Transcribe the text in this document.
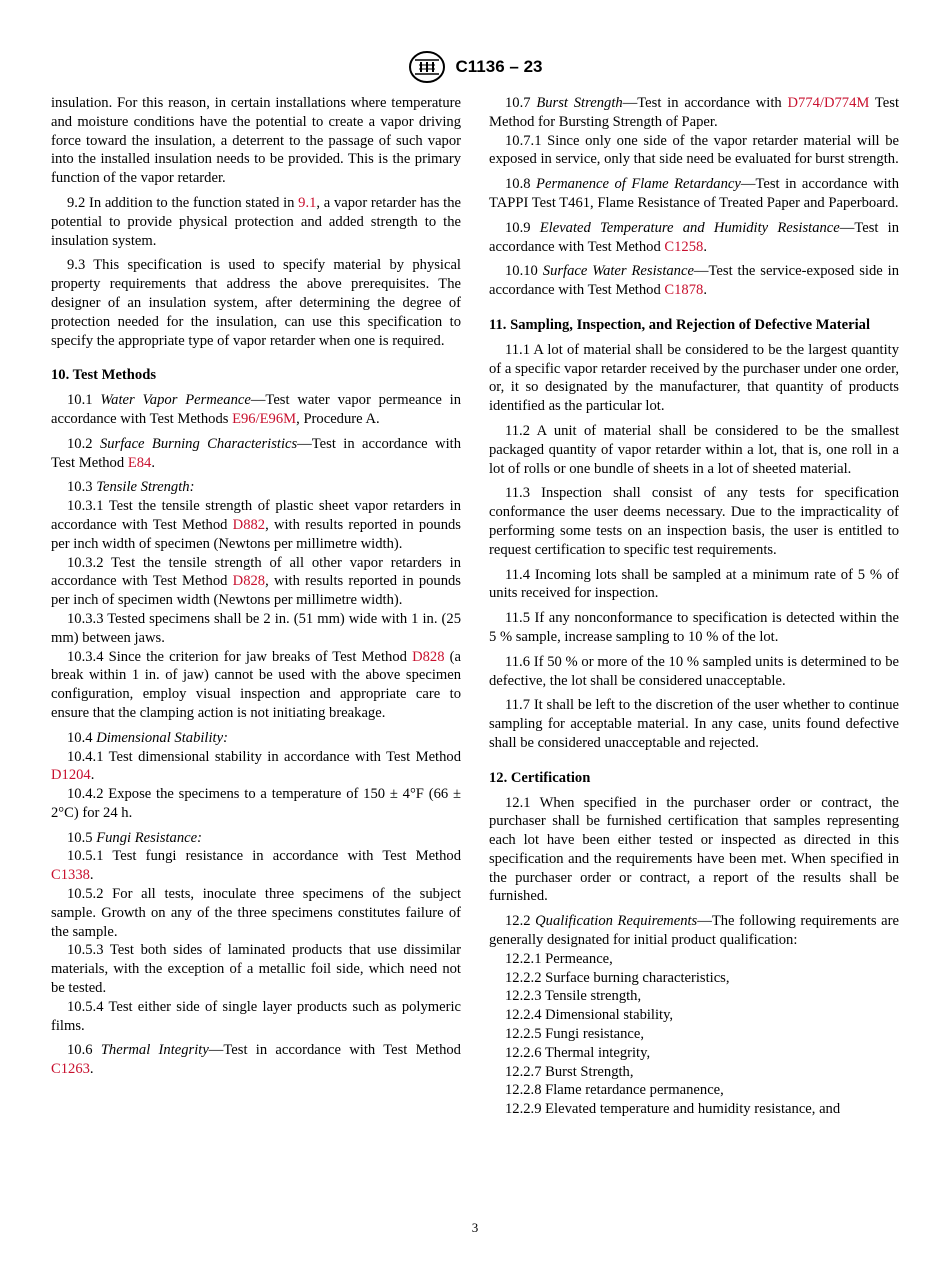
C1136 – 23

insulation. For this reason, in certain installations where temperature and moisture conditions have the potential to create a vapor driving force toward the insulation, a deterrent to the passage of such vapor into the installed insulation needs to be provided. This is the primary function of the vapor retarder.

9.2 In addition to the function stated in 9.1, a vapor retarder has the potential to provide physical protection and added strength to the insulation system.

9.3 This specification is used to specify material by physical property requirements that address the above prerequisites. The designer of an insulation system, after determining the degree of protection needed for the insulation, can use this specification to specify the appropriate type of vapor retarder when one is required.

10. Test Methods

10.1 Water Vapor Permeance—Test water vapor permeance in accordance with Test Methods E96/E96M, Procedure A.

10.2 Surface Burning Characteristics—Test in accordance with Test Method E84.

10.3 Tensile Strength:

10.3.1 Test the tensile strength of plastic sheet vapor retarders in accordance with Test Method D882, with results reported in pounds per inch width of specimen (Newtons per millimetre width).

10.3.2 Test the tensile strength of all other vapor retarders in accordance with Test Method D828, with results reported in pounds per inch of specimen width (Newtons per millimetre width).

10.3.3 Tested specimens shall be 2 in. (51 mm) wide with 1 in. (25 mm) between jaws.

10.3.4 Since the criterion for jaw breaks of Test Method D828 (a break within 1 in. of jaw) cannot be used with the above specimen configuration, employ visual inspection and appropriate care to ensure that the clamping action is not initiating breakage.

10.4 Dimensional Stability:

10.4.1 Test dimensional stability in accordance with Test Method D1204.

10.4.2 Expose the specimens to a temperature of 150 ± 4°F (66 ± 2°C) for 24 h.

10.5 Fungi Resistance:

10.5.1 Test fungi resistance in accordance with Test Method C1338.

10.5.2 For all tests, inoculate three specimens of the subject sample. Growth on any of the three specimens constitutes failure of the sample.

10.5.3 Test both sides of laminated products that use dissimilar materials, with the exception of a metallic foil side, which need not be tested.

10.5.4 Test either side of single layer products such as polymeric films.

10.6 Thermal Integrity—Test in accordance with Test Method C1263.

10.7 Burst Strength—Test in accordance with D774/D774M Test Method for Bursting Strength of Paper.

10.7.1 Since only one side of the vapor retarder material will be exposed in service, only that side need be evaluated for burst strength.

10.8 Permanence of Flame Retardancy—Test in accordance with TAPPI Test T461, Flame Resistance of Treated Paper and Paperboard.

10.9 Elevated Temperature and Humidity Resistance—Test in accordance with Test Method C1258.

10.10 Surface Water Resistance—Test the service-exposed side in accordance with Test Method C1878.

11. Sampling, Inspection, and Rejection of Defective Material

11.1 A lot of material shall be considered to be the largest quantity of a specific vapor retarder received by the purchaser under one order, or, it so designated by the manufacturer, that quantity of products identified as the particular lot.

11.2 A unit of material shall be considered to be the smallest packaged quantity of vapor retarder within a lot, that is, one roll in a lot of rolls or one bundle of sheets in a lot of sheeted material.

11.3 Inspection shall consist of any tests for specification conformance the user deems necessary. Due to the impracticality of performing some tests on an inspection basis, the user is entitled to request certification to specific test requirements.

11.4 Incoming lots shall be sampled at a minimum rate of 5 % of units received for inspection.

11.5 If any nonconformance to specification is detected within the 5 % sample, increase sampling to 10 % of the lot.

11.6 If 50 % or more of the 10 % sampled units is determined to be defective, the lot shall be considered unacceptable.

11.7 It shall be left to the discretion of the user whether to continue sampling for acceptable material. In any case, units found defective shall be considered unacceptable and rejected.

12. Certification

12.1 When specified in the purchaser order or contract, the purchaser shall be furnished certification that samples representing each lot have been either tested or inspected as directed in this specification and the requirements have been met. When specified in the purchaser order or contract, a report of the results shall be furnished.

12.2 Qualification Requirements—The following requirements are generally designated for initial product qualification:

12.2.1 Permeance,

12.2.2 Surface burning characteristics,

12.2.3 Tensile strength,

12.2.4 Dimensional stability,

12.2.5 Fungi resistance,

12.2.6 Thermal integrity,

12.2.7 Burst Strength,

12.2.8 Flame retardance permanence,

12.2.9 Elevated temperature and humidity resistance, and

3
